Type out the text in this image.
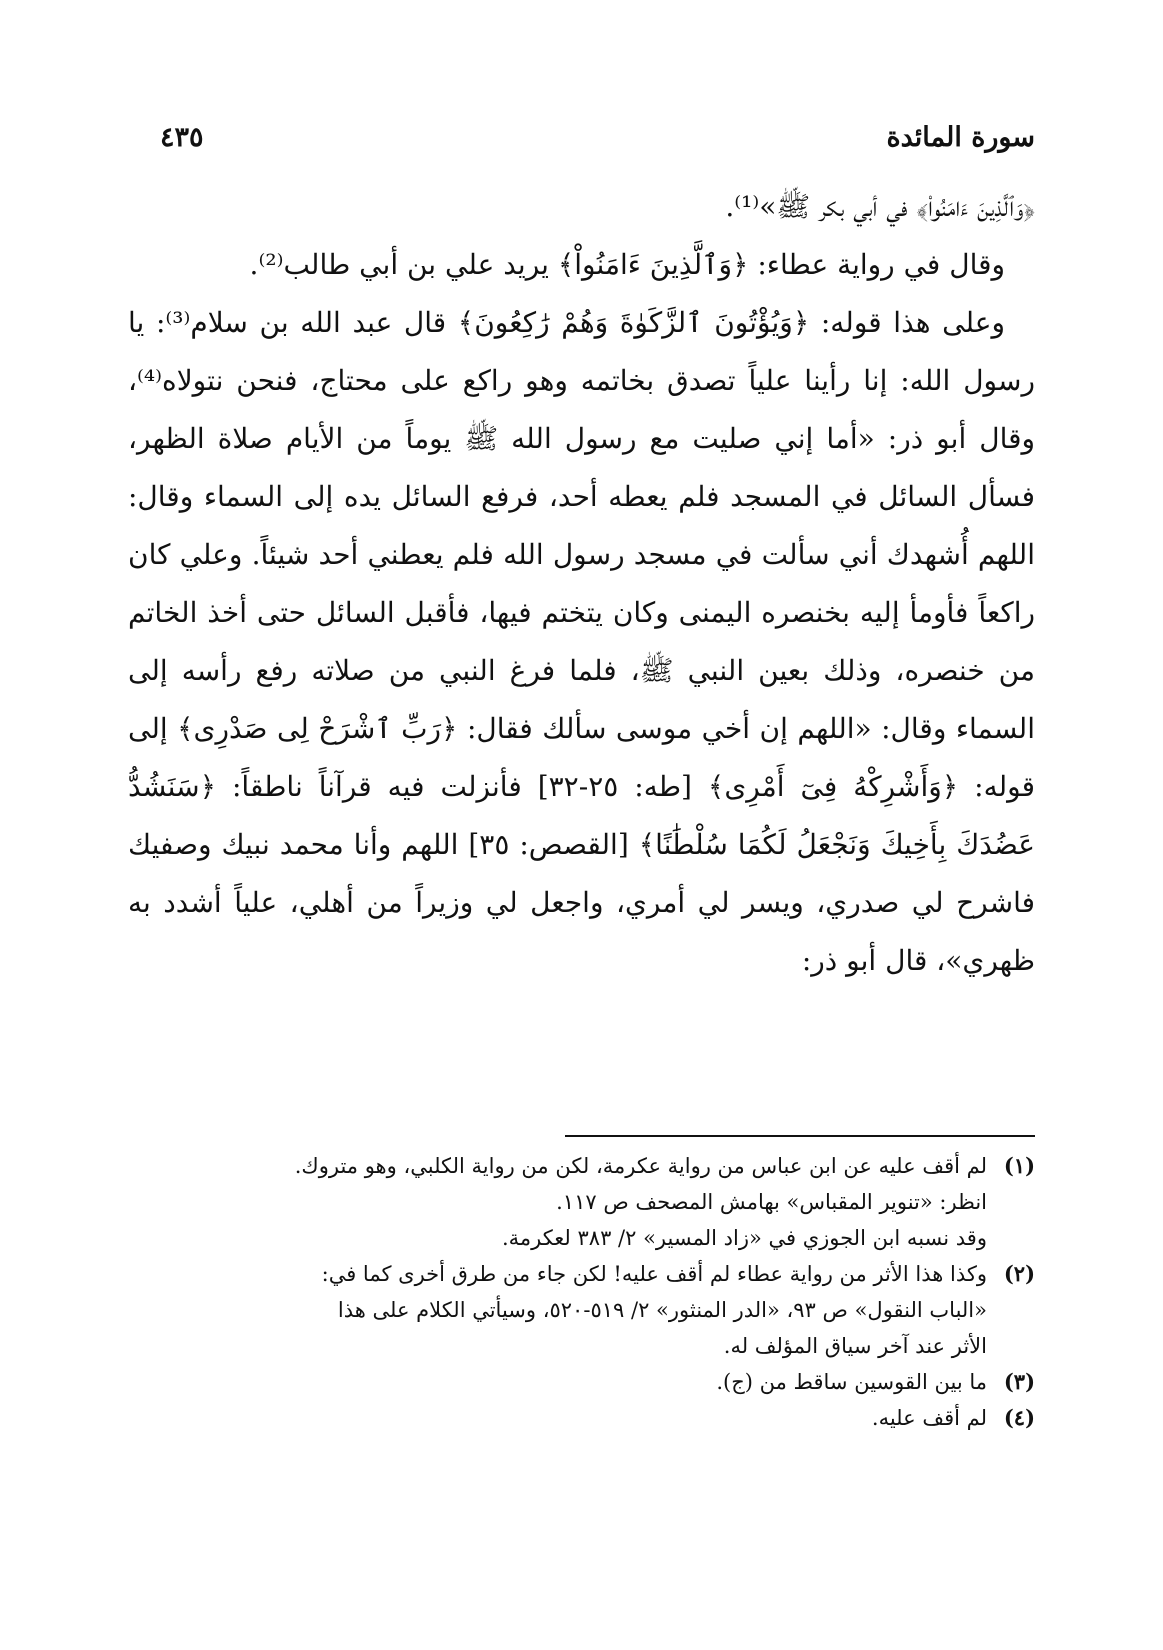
سورة المائدة
٤٣٥

﴿وَٱلَّذِينَ ءَامَنُواْ﴾ في أبي بكر ﷺ»⁽¹⁾.

وقال في رواية عطاء: ﴿وَٱلَّذِينَ ءَامَنُواْ﴾ يريد علي بن أبي طالب⁽²⁾.

وعلى هذا قوله: ﴿وَيُؤْتُونَ ٱلزَّكَوٰةَ وَهُمْ رَٰكِعُونَ﴾ قال عبد الله بن سلام⁽³⁾: يا رسول الله: إنا رأينا علياً تصدق بخاتمه وهو راكع على محتاج، فنحن نتولاه⁽⁴⁾، وقال أبو ذر: «أما إني صليت مع رسول الله ﷺ يوماً من الأيام صلاة الظهر، فسأل السائل في المسجد فلم يعطه أحد، فرفع السائل يده إلى السماء وقال: اللهم أُشهدك أني سألت في مسجد رسول الله فلم يعطني أحد شيئاً. وعلي كان راكعاً فأومأ إليه بخنصره اليمنى وكان يتختم فيها، فأقبل السائل حتى أخذ الخاتم من خنصره، وذلك بعين النبي ﷺ، فلما فرغ النبي من صلاته رفع رأسه إلى السماء وقال: «اللهم إن أخي موسى سألك فقال: ﴿رَبِّ ٱشْرَحْ لِى صَدْرِى﴾ إلى قوله: ﴿وَأَشْرِكْهُ فِىٓ أَمْرِى﴾ [طه: ٢٥-٣٢] فأنزلت فيه قرآناً ناطقاً: ﴿سَنَشُدُّ عَضُدَكَ بِأَخِيكَ وَنَجْعَلُ لَكُمَا سُلْطَٰنًا﴾ [القصص: ٣٥] اللهم وأنا محمد نبيك وصفيك فاشرح لي صدري، ويسر لي أمري، واجعل لي وزيراً من أهلي، علياً أشدد به ظهري»، قال أبو ذر:

(١)
لم أقف عليه عن ابن عباس من رواية عكرمة، لكن من رواية الكلبي، وهو متروك.
انظر: «تنوير المقباس» بهامش المصحف ص ١١٧.
وقد نسبه ابن الجوزي في «زاد المسير» ٢/ ٣٨٣ لعكرمة.
(٢)
وكذا هذا الأثر من رواية عطاء لم أقف عليه! لكن جاء من طرق أخرى كما في:
«الباب النقول» ص ٩٣، «الدر المنثور» ٢/ ٥١٩-٥٢٠، وسيأتي الكلام على هذا
الأثر عند آخر سياق المؤلف له.
(٣)
ما بين القوسين ساقط من (ج).
(٤)
لم أقف عليه.
